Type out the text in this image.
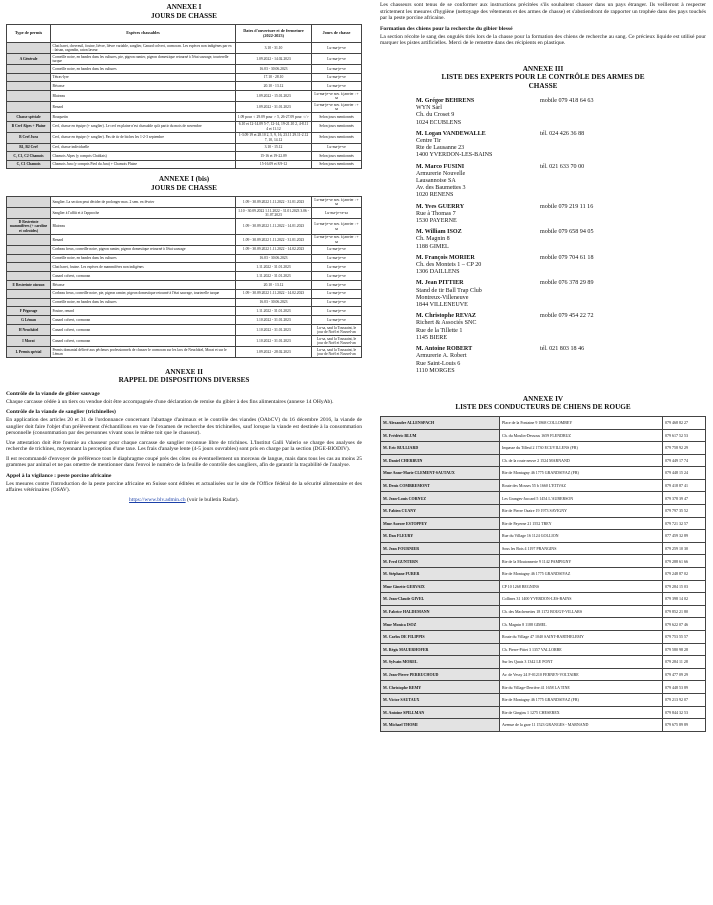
ANNEXE I
JOURS DE CHASSE
Type de permis	Espèces chassables	Dates d'ouverture et de fermeture (2022-2023)	Jours de chasse
	Chat haret, chevreuil, fouine, lièvre, lièvre variable, sanglier, Canard colvert, cormoran. Les espèces non indigènes par ex : faisan, ragondin, raton laveur	3.10 - 31.10	Lu-ma-je-ve
A Générale	Corneille noire, en bandes dans les cultures, pie, pigeon ramier, pigeon domestique retourné à l'état sauvage, tourterelle turque	1.09.2022 - 14.02.2023	Lu-ma-je-ve
	Corneille noire, en bandes dans les cultures	16.03 - 30.06.2023	Lu-ma-je-ve
	Tétras-lyre	17.10 - 28.10	Lu-ma-je-ve
	Bécasse	20.10 - 13.12	Lu-ma-je-ve
	Blaireau	1.09.2022 - 15.01.2023	Lu-ma-je-ve nov. à janvier : + sa
	Renard	1.09.2022 - 31.01.2023	Lu-ma-je-ve nov. à janvier : + sa
Chasse spéciale	Bouquetin	1.09 pour ♀ 29.09 pour ♂ 5, 26-27.09 pour ♀/♂	Selon jours mentionnés
B Cerf Alpes + Plaine	Cerf, chasse en équipe (+ sanglier). Le cerf en plaine n'est chassable qu'à partir du mois de novembre	6.10 et 12-14.09 5-7, 12-14, 19-21.10 2, 4-8.11 4 et 11.12	Selon jours mentionnés
B Cerf Jura	Cerf, chasse en équipe (+ sanglier). Pas de tir de biches les 1-2-3 septembre	1-3.09 19 et 28.10 2, 5, 9, 16, 23.11 29.11-2.12 7, 10, 14.12	Selon jours mentionnés
B1, B2 Cerf	Cerf, chasse individuelle	3.10 - 15.12	Lu-ma-je-ve
C, C1, C2 Chamois	Chamois Alpes (y compris Chablais)	15-16 et 19-22.09	Selon jours mentionnés
C, C1 Chamois	Chamois Jura (y compris Pied du Jura) + Chamois Plaine	15-16.09 et 8.9-12	Selon jours mentionnés
ANNEXE I (bis)
JOURS DE CHASSE
	Sanglier. La section peut décider de prolonger max. 2 sem. en février	1.09 - 30.09.2022 1.11.2022 - 31.01.2023	Lu-ma-je-ve nov. à janvier : + sa
	Sanglier à l'affût et à l'approche	1.10 - 30.09.2022 1.11.2022 - 31.01.2023 3.06 - 31.07.2023	Lu-ma-je-ve-sa
D Restreinte mammifères (+ caroline et coleoïdes)	Blaireau	1.09 - 30.09.2022 1.11.2022 - 14.01.2023	Lu-ma-je-ve nov. à janvier : + sa
	Renard	1.09 - 30.09.2022 1.11.2022 - 31.01.2023	Lu-ma-je-ve nov. à janvier : + sa
	Corbeau freux, corneille noire, pigeon ramier, pigeon domestique retourné à l'état sauvage	1.09 - 30.09.2022 1.11.2022 - 14.02.2023	Lu-ma-je-ve
	Corneille noire, en bandes dans les cultures	16.03 - 30.06.2023	Lu-ma-je-ve
	Chat haret, fouine. Les espèces de mammifères non indigènes	1.11.2022 - 31.01.2023	Lu-ma-je-ve
	Canard colvert, cormoran	1.11.2022 - 31.01.2023	Lu-ma-je-ve
E Restreinte oiseaux	Bécasse	20.10 - 13.12	Lu-ma-je-ve
	Corbeau freux, corneille noire, pie, pigeon ramier, pigeon domestique retourné à l'état sauvage, tourterelle turque	1.09 - 30.09.2022 1.11.2022 - 14.02.2023	Lu-ma-je-ve
	Corneille noire, en bandes dans les cultures	16.03 - 30.06.2023	Lu-ma-je-ve
F Pégorage	Fouine, renard	1.11.2022 - 31.01.2023	Lu-ma-je-ve
G Léman	Canard colvert, cormoran	1.10.2022 - 31.01.2023	Lu-ma-je-ve
H Neuchâtel	Canard colvert, cormoran	1.10.2022 - 31.01.2023	Lu-sa, sauf la Toussaint, le jour de Noël et Nouvel-an
I Morat	Canard colvert, cormoran	1.10.2022 - 31.01.2023	Lu-sa, sauf la Toussaint, le jour de Noël et Nouvel-an
L Permis spécial	Permis domanial délivré aux pêcheurs professionnels de chasser le cormoran sur les lacs de Neuchâtel, Morat et sur le Léman	1.09.2022 - 28.02.2023	Lu-sa, sauf la Toussaint, le jour de Noël et Nouvel-an
ANNEXE II
RAPPEL DE DISPOSITIONS DIVERSES
Contrôle de la viande de gibier sauvage

Chaque carcasse cédée à un tiers ou vendue doit être accompagnée d'une déclaration de remise du gibier à des fins alimentaires (annexe 14 OHyAb).

Contrôle de la viande de sanglier (trichinelles)

En application des articles 20 et 31 de l'ordonnance concernant l'abattage d'animaux et le contrôle des viandes (OAbCV) du 16 décembre 2016, la viande de sanglier doit faire l'objet d'un prélèvement d'échantillons en vue de l'examen de recherche des trichinelles, sauf lorsque la viande est destinée à la consommation personnelle (consommation par des personnes vivant sous le même toit que le chasseur).

Une attestation doit être fournie au chasseur pour chaque carcasse de sanglier reconnue libre de trichines. L'Institut Galli Valerio se charge des analyses de recherche de trichines, moyennant la perception d'une taxe. Les frais d'analyse lente (4-5 jours ouvrables) sont pris en charge par la section (DGE-BIODIV).

Il est recommandé d'envoyer de préférence tout le diaphragme coupé près des côtes ou éventuellement un morceau de langue, mais dans tous les cas au moins 25 grammes par animal et ne pas omettre de mentionner dans l'envoi le numéro de la feuille de contrôle des sangliers, afin de garantir la traçabilité de l'analyse.

Appel à la vigilance : peste porcine africaine

Les mesures contre l'introduction de la peste porcine africaine en Suisse sont éditées et actualisées sur le site de l'Office fédéral de la sécurité alimentaire et des affaires vétérinaires (OSAV).

https://www.blv.admin.ch (voir le bulletin Radar).

Les chasseurs sont tenus de se conformer aux instructions précitées s'ils souhaitent chasser dans un pays étranger. Ils veilleront à respecter strictement les mesures d'hygiène (nettoyage des vêtements et des armes de chasse) et s'abstiendront de rapporter un trophée dans des pays touchés par la peste porcine africaine.

Formation des chiens pour la recherche du gibier blessé

La section récolte le sang des ongulés tirés lors de la chasse pour la formation des chiens de recherche au sang. Ce précieux liquide est utilisé pour marquer les pistes artificielles. Merci de le remettre dans des récipients en plastique.

ANNEXE III
LISTE DES EXPERTS POUR LE CONTRÔLE DES ARMES DE CHASSE
M. Grégor BEHRENS
WYN Sàrl
Ch. du Croset 9
1024 ECUBLENS
mobile 079 418 64 63
M. Logan VANDEWALLE
Centre Tir
Rte de Lausanne 23
1400 YVERDON-LES-BAINS
tél. 024 426 36 88
M. Marco FUSINI
Armurerie Nouvelle
Lausannoise SA
Av. des Baumettes 3
1020 RENENS
tél. 021 633 70 00
M. Yves GUERRY
Rue à Thomas 7
1530 PAYERNE
mobile 079 219 11 16
M. William ISOZ
Ch. Magnin 8
1188 GIMEL
mobile 079 658 94 05
M. François MORIER
Ch. des Monteis 1 – CP 20
1306 DAILLENS
mobile 079 704 61 18
M. Jean PITTIER
Stand de tir Ball Trap Club
Montreux-Villeneuve
1844 VILLENEUVE
mobile 076 378 29 89
M. Christophe REVAZ
Richert & Associés SNC
Rue de la Tillette 1
1145 BIERE
mobile 079 454 22 72
M. Antoine ROBERT
Armurerie A. Robert
Rue Saint-Louis 6
1110 MORGES
tél. 021 803 18 46
ANNEXE IV
LISTE DES CONDUCTEURS DE CHIENS DE ROUGE
M. Alexandre ALLENSPACH	Place de la Fontaine 9 1868 COLLOMBEY	079 468 82 27
M. Frédéric BLUM	Ch. du Moulin-Dessous 1659 FLENDRUZ	079 617 52 53
M. Eric BULLIARD	Impasse du Tilleul 2 1730 ECUVILLENS (FR)	079 758 92 29
M. Daniel CHERBUIN	Ch. de la route neuve 2 1524 MARNAND	079 449 17 74
Mme Anne-Marie CLEMENT-SAUTAUX	Rte de Montagny 46 1775 GRANDSIVAZ (FR)	079 448 15 24
M. Denis COMBREMONT	Route des Mosses 55 b 1660 L'ETIVAZ	079 418 87 41
M. Jean-Louis CORNUZ	Les Granges-Jaccard 5 1454 L'AUBERSON	079 378 39 47
M. Fabien CUANY	Rte de Pierre Ozaire 19 1973 SAVIGNY	079 797 35 52
Mme Aurore ESTOPPEY	Rte de Payerne 21 1552 TREY	079 721 32 57
M. Dan FLEURY	Rue du Village 16 1124 GOLLION	077 459 32 89
M. Jean FOURNIER	Sous les Bois 4 1197 PRANGINS	079 259 10 30
M. Fred GUNTERN	Rte de la Moutonnerie 9 1142 PAMPIGNY	079 288 61 66
M. Stéphane FURER	Rte de Montagny 46 1775 GRANDSIVAZ	079 248 87 02
Mme Ginette GERVAIX	CP 10 1268 BEGNINS	079 284 15 03
M. Jean-Claude GIVEL	Collines 31 1400 YVERDON-LES-BAINS	079 398 14 02
M. Fabrice HALDEMANN	Ch. des Machenettes 18 1172 BOUGY-VILLARS	079 852 21 80
Mme Monica ISOZ	Ch. Magnin 8 1188 GIMEL	079 622 07 46
M. Carlos DE FILIPPIS	Route du Village 47 1040 SAINT-BARTHELEMY	079 753 55 57
M. Régis MAUERHOFER	Ch. Pierre-Pittet 3 1357 VALLORBE	079 580 98 28
M. Sylvain MOREL	Sur les Quais 3 1342 LE PONT	079 284 11 28
M. Jean-Pierre PERRUCHOUD	Av. de Vessy 24 F-01210 FERNEY-VOLTAIRE	079 477 09 29
M. Christophe REMY	Rte du Village-Derrière 41 1658 LA TINE	079 448 53 89
M. Victor SAUTAUX	Rte de Montagny 46 1775 GRANDSIVAZ (FR)	079 213 92 07
M. Antoine SPILLMAN	Rte de Gingins 1 1275 CHESEREX	079 844 32 53
M. Michael THOMI	Avenue de la gare 11 1523 GRANGES - MARNAND	079 675 89 89
